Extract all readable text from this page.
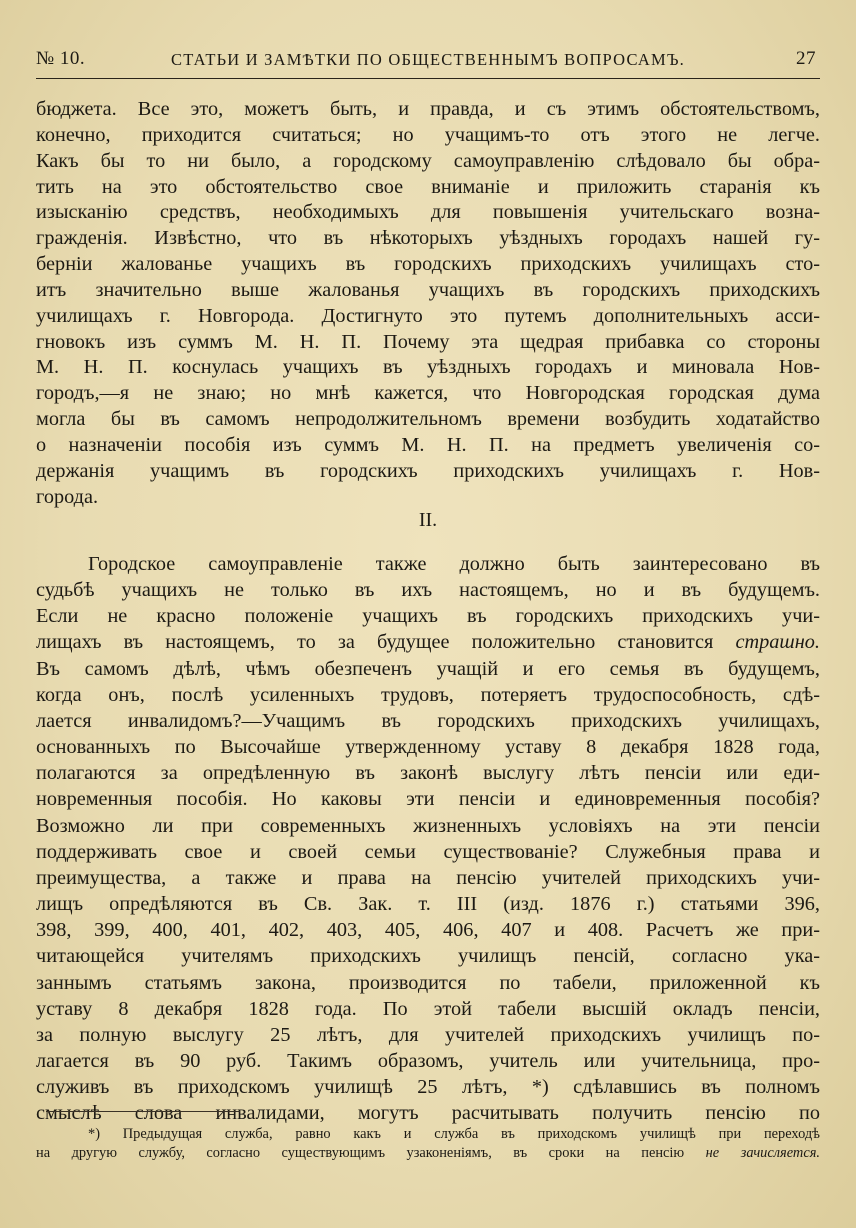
№ 10.	СТАТЬИ И ЗАМѢТКИ ПО ОБЩЕСТВЕННЫМЪ ВОПРОСАМЪ.	27
бюджета. Все это, можетъ быть, и правда, и съ этимъ обстоятельствомъ,
конечно, приходится считаться; но учащимъ-то отъ этого не легче.
Какъ бы то ни было, а городскому самоуправленію слѣдовало бы обра-
тить на это обстоятельство свое вниманіе и приложить старанія къ
изысканію средствъ, необходимыхъ для повышенія учительскаго возна-
гражденія. Извѣстно, что въ нѣкоторыхъ уѣздныхъ городахъ нашей гу-
берніи жалованье учащихъ въ городскихъ приходскихъ училищахъ сто-
итъ значительно выше жалованья учащихъ въ городскихъ приходскихъ
училищахъ г. Новгорода. Достигнуто это путемъ дополнительныхъ асси-
гновокъ изъ суммъ М. Н. П. Почему эта щедрая прибавка со стороны
М. Н. П. коснулась учащихъ въ уѣздныхъ городахъ и миновала Нов-
городъ,—я не знаю; но мнѣ кажется, что Новгородская городская дума
могла бы въ самомъ непродолжительномъ времени возбудить ходатайство
о назначеніи пособія изъ суммъ М. Н. П. на предметъ увеличенія со-
держанія учащимъ въ городскихъ приходскихъ училищахъ г. Нов-
города.
II.
Городское самоуправленіе также должно быть заинтересовано въ
судьбѣ учащихъ не только въ ихъ настоящемъ, но и въ будущемъ.
Если не красно положеніе учащихъ въ городскихъ приходскихъ учи-
лищахъ въ настоящемъ, то за будущее положительно становится страшно.
Въ самомъ дѣлѣ, чѣмъ обезпеченъ учащій и его семья въ будущемъ,
когда онъ, послѣ усиленныхъ трудовъ, потеряетъ трудоспособность, сдѣ-
лается инвалидомъ?—Учащимъ въ городскихъ приходскихъ училищахъ,
основанныхъ по Высочайше утвержденному уставу 8 декабря 1828 года,
полагаются за опредѣленную въ законѣ выслугу лѣтъ пенсіи или еди-
новременныя пособія. Но каковы эти пенсіи и единовременныя пособія?
Возможно ли при современныхъ жизненныхъ условіяхъ на эти пенсіи
поддерживать свое и своей семьи существованіе? Служебныя права и
преимущества, а также и права на пенсію учителей приходскихъ учи-
лищъ опредѣляются въ Св. Зак. т. III (изд. 1876 г.) статьями 396,
398, 399, 400, 401, 402, 403, 405, 406, 407 и 408. Расчетъ же при-
читающейся учителямъ приходскихъ училищъ пенсій, согласно ука-
заннымъ статьямъ закона, производится по табели, приложенной къ
уставу 8 декабря 1828 года. По этой табели высшій окладъ пенсіи,
за полную выслугу 25 лѣтъ, для учителей приходскихъ училищъ по-
лагается въ 90 руб. Такимъ образомъ, учитель или учительница, про-
служивъ въ приходскомъ училищѣ 25 лѣтъ, *) сдѣлавшись въ полномъ
смыслѣ слова инвалидами, могутъ расчитывать получить пенсію по
*) Предыдущая служба, равно какъ и служба въ приходскомъ училищѣ при переходѣ
на другую службу, согласно существующимъ узаконеніямъ, въ сроки на пенсію не зачисляется.
